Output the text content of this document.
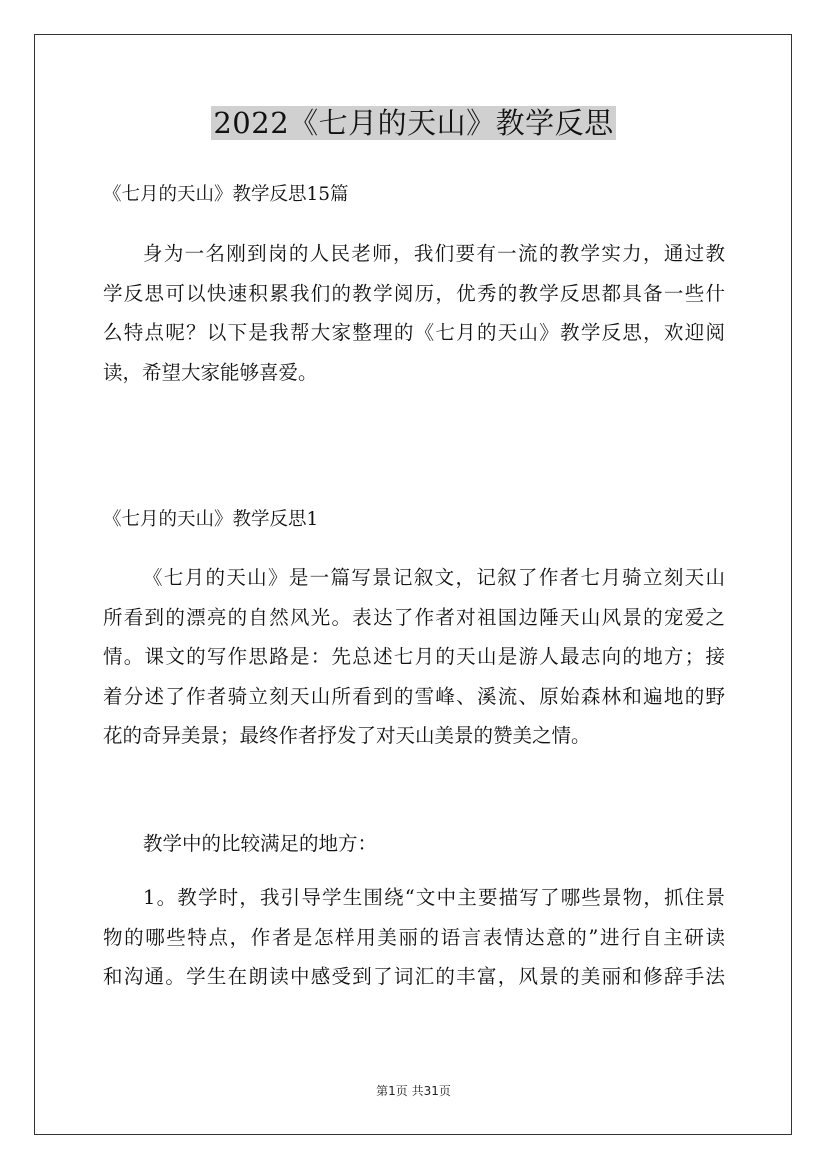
2022《七月的天山》教学反思
《七月的天山》教学反思15篇

身为一名刚到岗的人民老师，我们要有一流的教学实力，通过教
学反思可以快速积累我们的教学阅历，优秀的教学反思都具备一些什
么特点呢？以下是我帮大家整理的《七月的天山》教学反思，欢迎阅
读，希望大家能够喜爱。

《七月的天山》教学反思1

《七月的天山》是一篇写景记叙文，记叙了作者七月骑立刻天山
所看到的漂亮的自然风光。表达了作者对祖国边陲天山风景的宠爱之
情。课文的写作思路是：先总述七月的天山是游人最志向的地方；接
着分述了作者骑立刻天山所看到的雪峰、溪流、原始森林和遍地的野
花的奇异美景；最终作者抒发了对天山美景的赞美之情。

教学中的比较满足的地方：

1。教学时，我引导学生围绕“文中主要描写了哪些景物，抓住景
物的哪些特点，作者是怎样用美丽的语言表情达意的”进行自主研读
和沟通。学生在朗读中感受到了词汇的丰富，风景的美丽和修辞手法

第1页 共31页
